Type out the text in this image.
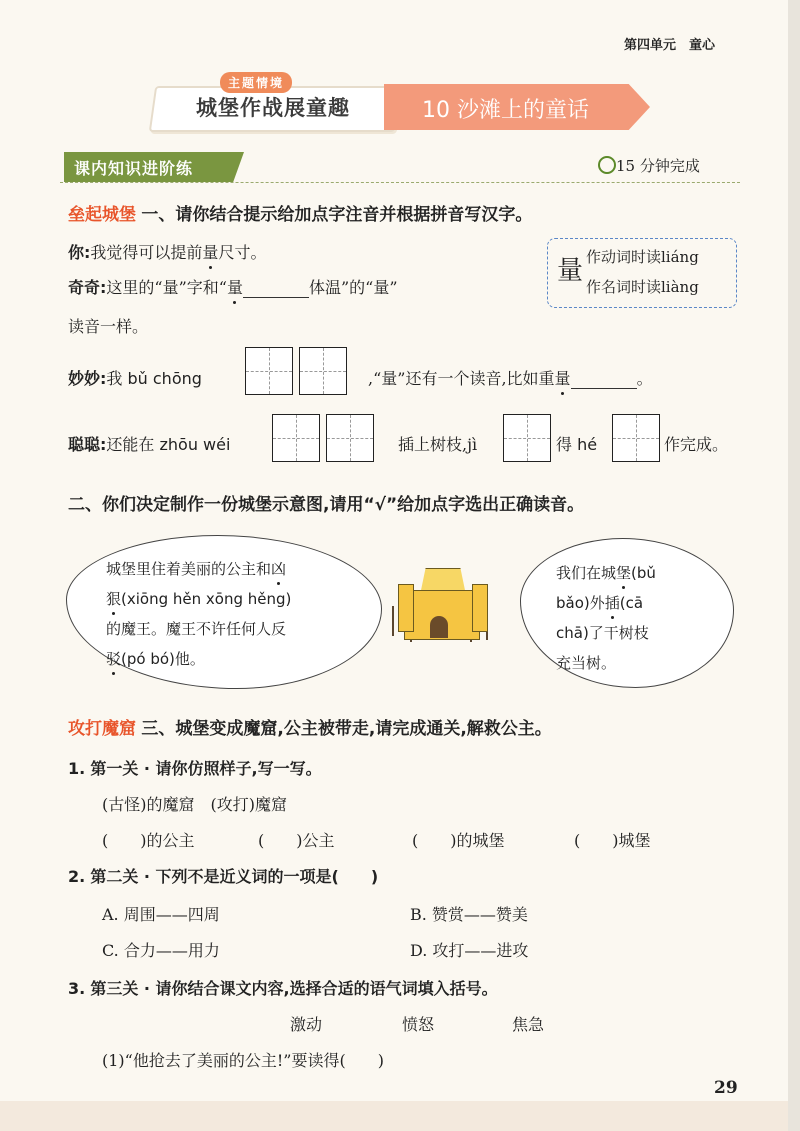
第四单元　童心
城堡作战展童趣
主题情境
10 沙滩上的童话
课内知识进阶练	15 分钟完成
垒起城堡 一、请你结合提示给加点字注音并根据拼音写汉字。
你:我觉得可以提前量尺寸。
奇奇:这里的“量”字和“量	体温”的“量”
读音一样。
量 作动词时读liáng
作名词时读liàng
妙妙:我 bǔ chōng	,“量”还有一个读音,比如重量	。
聪聪:还能在 zhōu wéi	插上树枝,jì	得 hé	作完成。
二、你们决定制作一份城堡示意图,请用“√”给加点字选出正确读音。
城堡里住着美丽的公主和凶
狠(xiōng hěn xōng hěng)
的魔王。魔王不许任何人反
驳(pó bó)他。
我们在城堡(bǔ
bǎo)外插(cā
chā)了干树枝
充当树。
攻打魔窟 三、城堡变成魔窟,公主被带走,请完成通关,解救公主。
1. 第一关 · 请你仿照样子,写一写。
(古怪)的魔窟　(攻打)魔窟
(　　)的公主	(　　)公主	(　　)的城堡	(　　)城堡
2. 第二关 · 下列不是近义词的一项是(　　)
A. 周围——四周	B. 赞赏——赞美
C. 合力——用力	D. 攻打——进攻
3. 第三关 · 请你结合课文内容,选择合适的语气词填入括号。
激动	愤怒	焦急
(1)“他抢去了美丽的公主!”要读得(　　)
29
